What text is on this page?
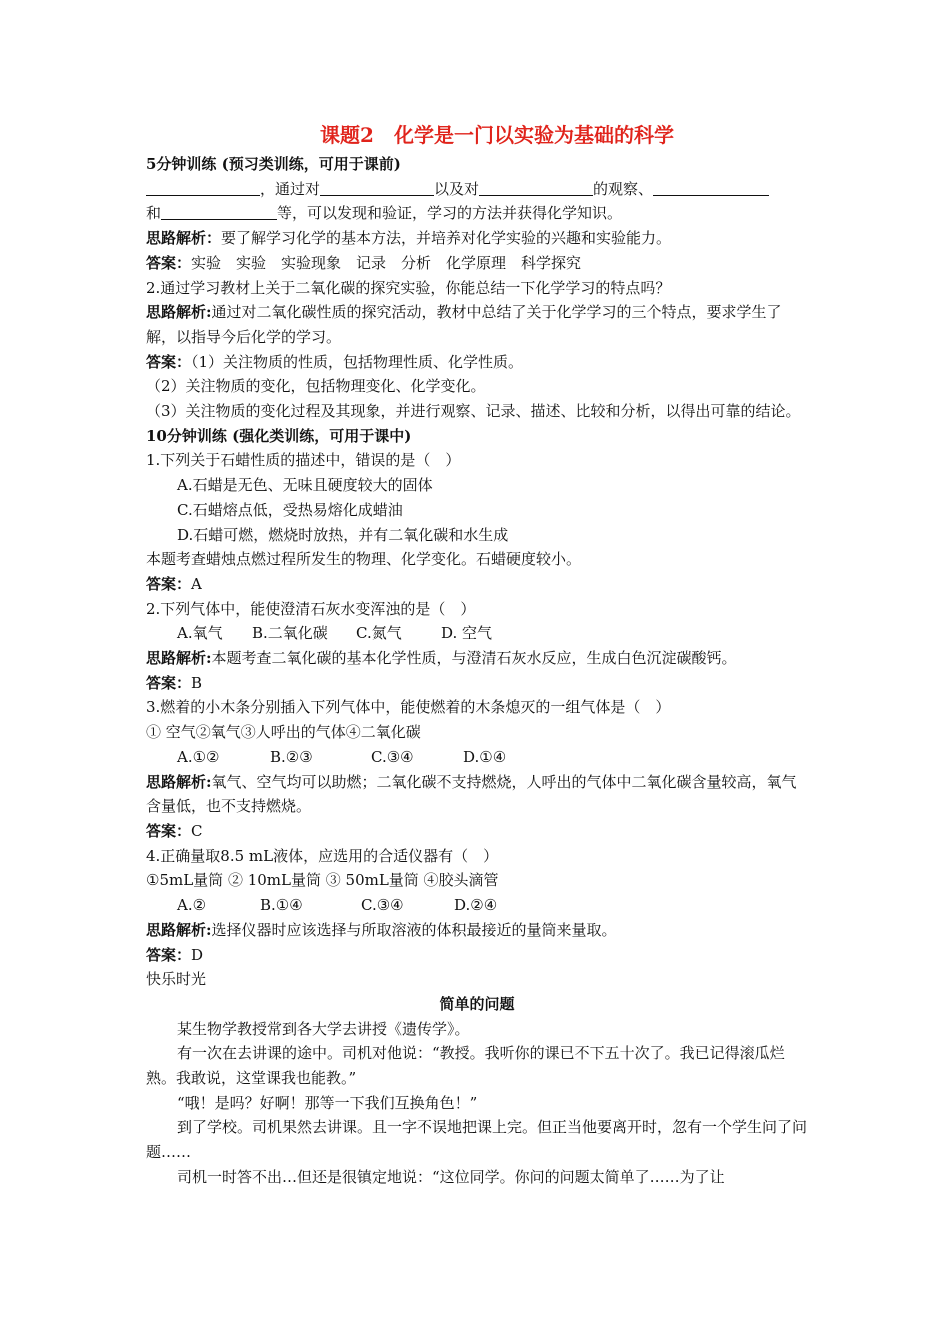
课题2　化学是一门以实验为基础的科学

5分钟训练 (预习类训练，可用于课前)

，通过对	以及对	的观察、

和	等，可以发现和验证，学习的方法并获得化学知识。

思路解析：要了解学习化学的基本方法，并培养对化学实验的兴趣和实验能力。

答案：实验　实验　实验现象　记录　分析　化学原理　科学探究

2.通过学习教材上关于二氧化碳的探究实验，你能总结一下化学学习的特点吗？

思路解析:通过对二氧化碳性质的探究活动，教材中总结了关于化学学习的三个特点，要求学生了解，以指导今后化学的学习。

答案：（1）关注物质的性质，包括物理性质、化学性质。

（2）关注物质的变化，包括物理变化、化学变化。

（3）关注物质的变化过程及其现象，并进行观察、记录、描述、比较和分析，以得出可靠的结论。

10分钟训练 (强化类训练，可用于课中)

1.下列关于石蜡性质的描述中，错误的是（　）

A.石蜡是无色、无味且硬度较大的固体

C.石蜡熔点低，受热易熔化成蜡油

D.石蜡可燃，燃烧时放热，并有二氧化碳和水生成

本题考查蜡烛点燃过程所发生的物理、化学变化。石蜡硬度较小。

答案：A

2.下列气体中，能使澄清石灰水变浑浊的是（　）

A.氧气 B.二氧化碳 C.氮气	D. 空气

思路解析:本题考查二氧化碳的基本化学性质，与澄清石灰水反应，生成白色沉淀碳酸钙。

答案：B

3.燃着的小木条分别插入下列气体中，能使燃着的木条熄灭的一组气体是（　）

① 空气②氧气③人呼出的气体④二氧化碳

A.①②	B.②③	C.③④	D.①④

思路解析:氧气、空气均可以助燃；二氧化碳不支持燃烧，人呼出的气体中二氧化碳含量较高，氧气含量低，也不支持燃烧。

答案：C

4.正确量取8.5 mL液体，应选用的合适仪器有（　）

①5mL量筒 ② 10mL量筒 ③ 50mL量筒 ④胶头滴管

A.②	B.①④	C.③④	D.②④

思路解析:选择仪器时应该选择与所取溶液的体积最接近的量筒来量取。

答案：D

快乐时光

简单的问题

某生物学教授常到各大学去讲授《遗传学》。

有一次在去讲课的途中。司机对他说：“教授。我听你的课已不下五十次了。我已记得滚瓜烂熟。我敢说，这堂课我也能教。”

“哦！是吗？好啊！那等一下我们互换角色！”

到了学校。司机果然去讲课。且一字不误地把课上完。但正当他要离开时，忽有一个学生问了问题……

司机一时答不出…但还是很镇定地说：“这位同学。你问的问题太简单了……为了让
